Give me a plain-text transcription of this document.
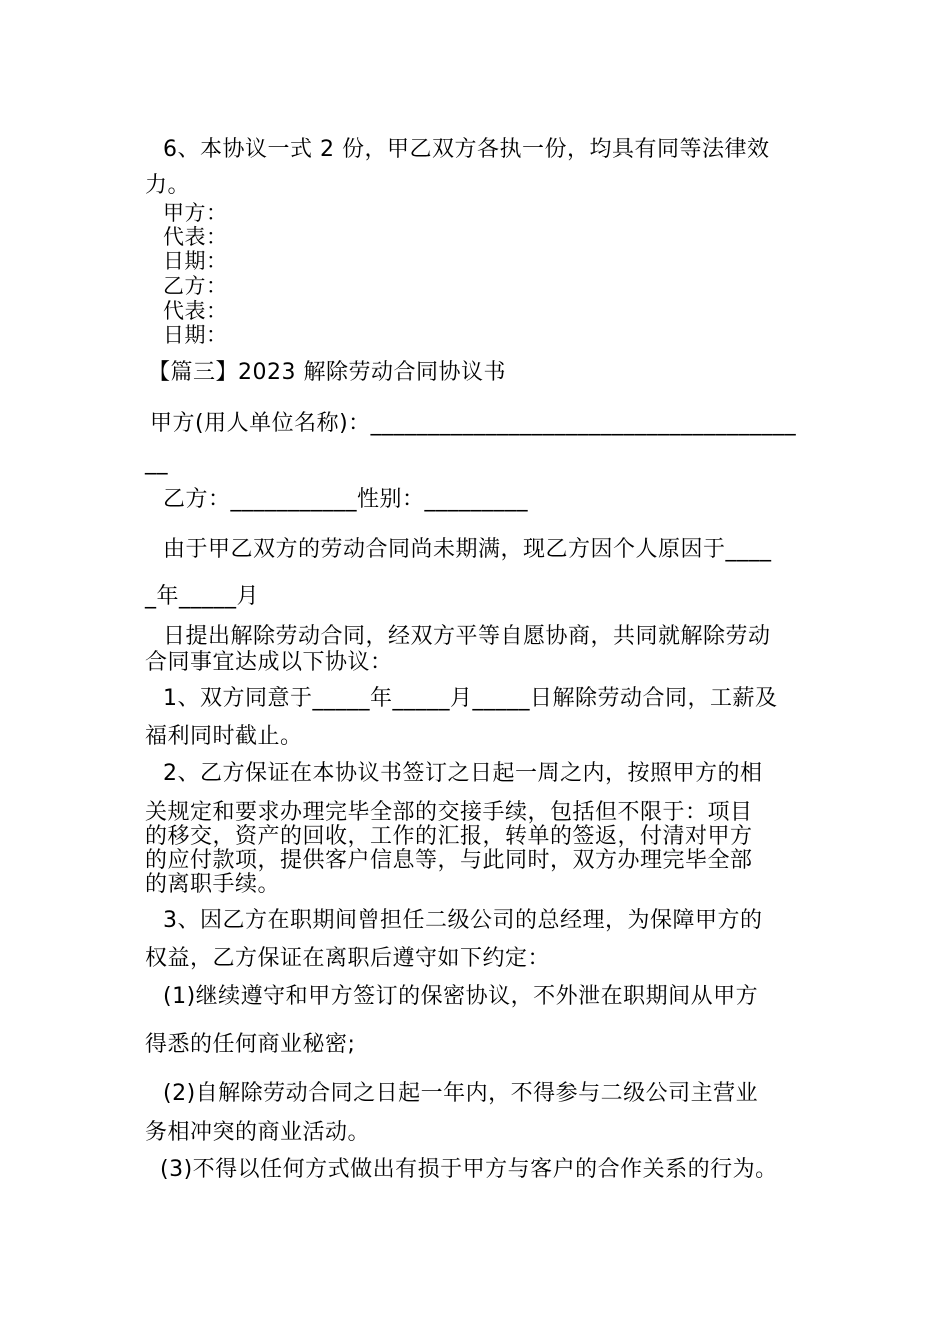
6、本协议一式 2 份，甲乙双方各执一份，均具有同等法律效
力。
甲方：
代表：
日期：
乙方：
代表：
日期：
【篇三】2023 解除劳动合同协议书
甲方(用人单位名称)：_____________________________________
__
乙方：___________性别：_________
由于甲乙双方的劳动合同尚未期满，现乙方因个人原因于____
_年_____月
日提出解除劳动合同，经双方平等自愿协商，共同就解除劳动
合同事宜达成以下协议：
1、双方同意于_____年_____月_____日解除劳动合同，工薪及
福利同时截止。
2、乙方保证在本协议书签订之日起一周之内，按照甲方的相
关规定和要求办理完毕全部的交接手续，包括但不限于：项目
的移交，资产的回收，工作的汇报，转单的签返，付清对甲方
的应付款项，提供客户信息等，与此同时，双方办理完毕全部
的离职手续。
3、因乙方在职期间曾担任二级公司的总经理，为保障甲方的
权益，乙方保证在离职后遵守如下约定：
(1)继续遵守和甲方签订的保密协议，不外泄在职期间从甲方
得悉的任何商业秘密;
(2)自解除劳动合同之日起一年内，不得参与二级公司主营业
务相冲突的商业活动。
(3)不得以任何方式做出有损于甲方与客户的合作关系的行为。
